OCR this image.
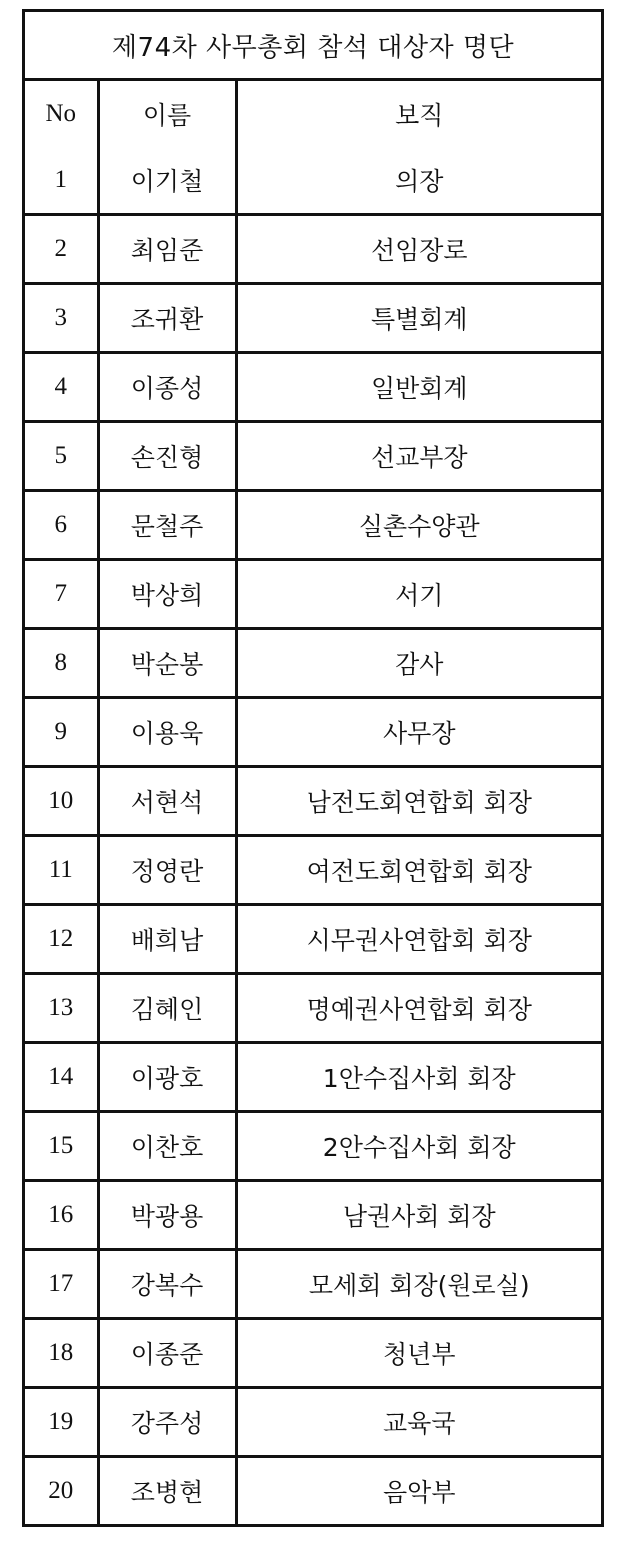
제74차 사무총회 참석 대상자 명단
No	이름	보직
1	이기철	의장
2	최임준	선임장로
3	조귀환	특별회계
4	이종성	일반회계
5	손진형	선교부장
6	문철주	실촌수양관
7	박상희	서기
8	박순봉	감사
9	이용욱	사무장
10	서현석	남전도회연합회 회장
11	정영란	여전도회연합회 회장
12	배희남	시무권사연합회 회장
13	김혜인	명예권사연합회 회장
14	이광호	1안수집사회 회장
15	이찬호	2안수집사회 회장
16	박광용	남권사회 회장
17	강복수	모세회 회장(원로실)
18	이종준	청년부
19	강주성	교육국
20	조병현	음악부
